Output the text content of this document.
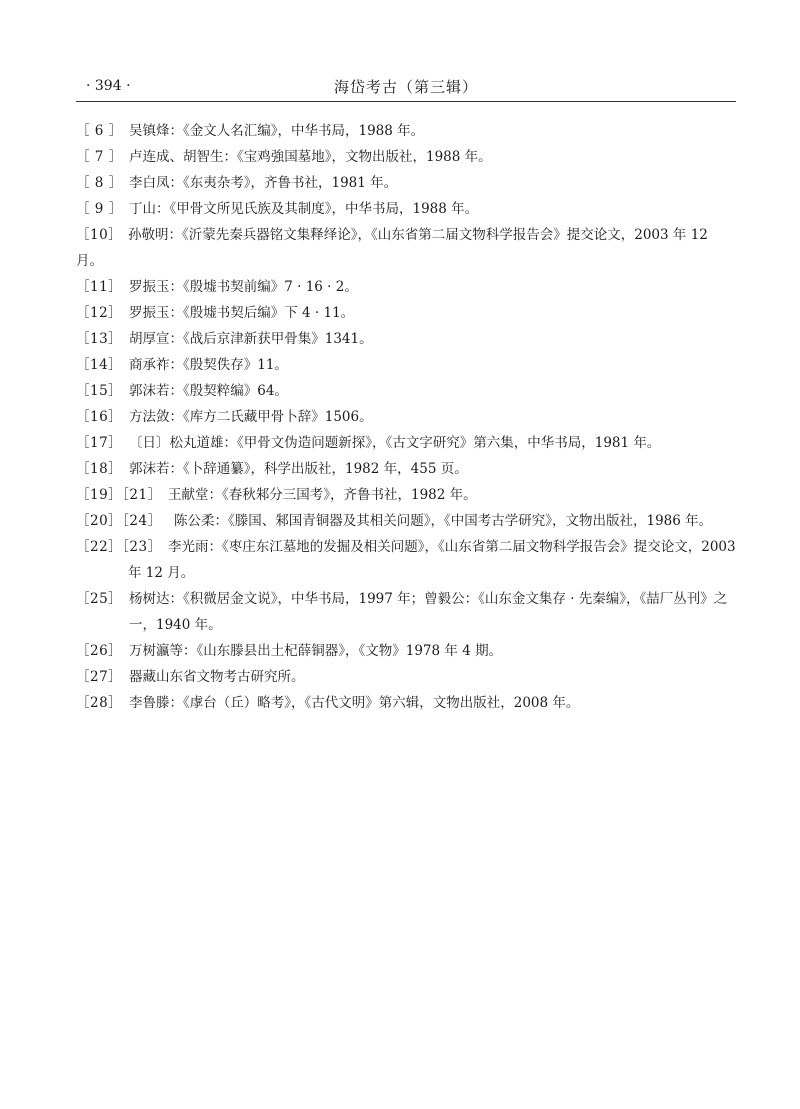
· 394 ·	海岱考古（第三辑）
［ 6 ］ 吴镇烽：《金文人名汇编》，中华书局，1988 年。
［ 7 ］ 卢连成、胡智生：《宝鸡強国墓地》，文物出版社，1988 年。
［ 8 ］ 李白凤：《东夷杂考》，齐鲁书社，1981 年。
［ 9 ］ 丁山：《甲骨文所见氏族及其制度》，中华书局，1988 年。
［10］ 孙敬明：《沂蒙先秦兵器铭文集释绎论》，《山东省第二届文物科学报告会》提交论文，2003 年 12 月。
［11］ 罗振玉：《殷墟书契前编》7 · 16 · 2。
［12］ 罗振玉：《殷墟书契后编》下 4 · 11。
［13］ 胡厚宣：《战后京津新获甲骨集》1341。
［14］ 商承祚：《殷契佚存》11。
［15］ 郭沫若：《殷契粹编》64。
［16］ 方法敛：《库方二氏藏甲骨卜辞》1506。
［17］ 〔日〕松丸道雄：《甲骨文伪造问题新探》，《古文字研究》第六集，中华书局，1981 年。
［18］ 郭沫若：《卜辞通纂》，科学出版社，1982 年，455 页。
［19］［21］ 王献堂：《春秋邾分三国考》，齐鲁书社，1982 年。
［20］［24］ 陈公柔：《滕国、邾国青铜器及其相关问题》，《中国考古学研究》，文物出版社，1986 年。
［22］［23］ 李光雨：《枣庄东江墓地的发掘及相关问题》，《山东省第二届文物科学报告会》提交论文，2003 年 12 月。
［25］ 杨树达：《积微居金文说》，中华书局，1997 年；曾毅公：《山东金文集存 · 先秦编》，《喆厂丛刊》之一，1940 年。
［26］ 万树瀛等：《山东滕县出土杞薛铜器》，《文物》1978 年 4 期。
［27］ 器藏山东省文物考古研究所。
［28］ 李鲁滕：《虖台（丘）略考》，《古代文明》第六辑，文物出版社，2008 年。
